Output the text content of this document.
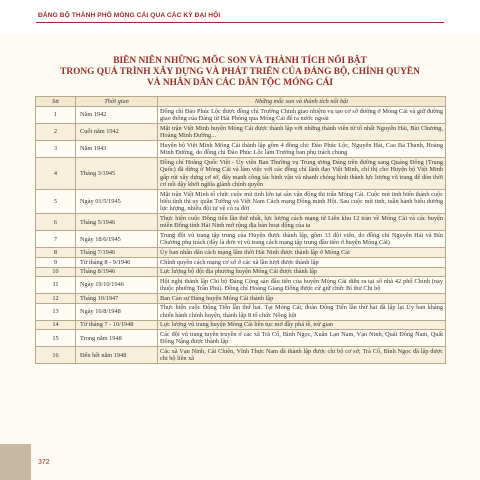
ĐẢNG BỘ THÀNH PHỐ MÓNG CÁI QUA CÁC KỲ ĐẠI HỘI
BIÊN NIÊN NHỮNG MỐC SON VÀ THÀNH TÍCH NỔI BẬT
TRONG QUÁ TRÌNH XÂY DỰNG VÀ PHÁT TRIỂN CỦA ĐẢNG BỘ, CHÍNH QUYỀN
VÀ NHÂN DÂN CÁC DÂN TỘC MÓNG CÁI
Stt	Thời gian	Những mốc son và thành tích nổi bật
1	Năm 1942	Đồng chí Đào Phúc Lộc được đồng chí Trường Chinh giao nhiệm vụ tạo cơ sở đường ở Móng Cái và giữ đường giao thông của Đảng từ Hải Phòng qua Móng Cái để ra nước ngoài
2	Cuối năm 1942	Mặt trận Việt Minh huyện Móng Cái được thành lập với những thành viên từ tổ nhất Nguyễn Hải, Bùi Chương, Hoàng Minh Đường...
3	Năm 1943	Huyện bộ Việt Minh Móng Cái thành lập gồm 4 đồng chí: Đào Phúc Lộc, Nguyễn Hải, Cao Bá Thanh, Hoàng Minh Đường, do đồng chí Đào Phúc Lộc làm Trưởng ban phụ trách chung
4	Tháng 3/1945	Đồng chí Hoàng Quốc Việt - Ủy viên Ban Thường vụ Trung ương Đảng trên đường sang Quảng Đông (Trung Quốc) đã dừng ở Móng Cái và làm việc với các đồng chí lãnh đạo Việt Minh, chỉ thị cho Huyện bộ Việt Minh gấp rút xây dựng cơ sở, đẩy mạnh công tác binh vận và nhanh chóng hình thành lực lượng vũ trang để đón thời cơ nổi dậy khởi nghĩa giành chính quyền
5	Ngày 01/5/1945	Mặt trận Việt Minh tổ chức cuộc mít tinh lớn tại sân vận động thị trấn Móng Cái. Cuộc mít tinh biến thành cuộc biểu tình thị uy quần Tưởng và Việt Nam Cách mạng Đồng minh Hội. Sau cuộc mít tinh, tuần hành biểu dương lực lượng, nhiều đội tự vệ có ra đời
6	Tháng 5/1946	Thực hiện cuộc Đông tiến lần thứ nhất, lực lượng cách mạng từ Liên khu 12 tràn về Móng Cái và các huyện miền Đông tỉnh Hải Ninh mở rộng địa bàn hoạt động của ta
7	Ngày 18/6/1945	Trung đội vũ trang tập trung của Huyện được thành lập, gồm 33 đội viên, do đồng chí Nguyễn Hải và Bùi Chương phụ trách (đây là đơn vị vũ trang cách mạng tập trung đầu tiên ở huyện Móng Cái)
8	Tháng 7/1946	Ủy ban nhân dân cách mạng lâm thời Hải Ninh được thành lập ở Móng Cái
9	Từ tháng 8 - 9/1946	Chính quyền cách mạng cơ sở ở các xã lần lượt được thành lập
10	Tháng 8/1946	Lực lượng bộ đội địa phương huyện Móng Cái được thành lập
11	Ngày 19/10/1946	Hội nghị thành lập Chi bộ Đảng Cộng sản đầu tiên của huyện Móng Cái diễn ra tại số nhà 42 phố Chính (nay thuộc phường Trần Phú). Đồng chí Hoàng Giang Đông được cử giữ chức Bí thư Chi bộ
12	Tháng 10/1947	Ban Cán sự Đảng huyện Móng Cái thành lập
13	Ngày 16/8/1948	Thực hiện cuộc Đông Tiến lần thứ hai. Tại Móng Cái, đoàn Đông Tiến lần thứ hai đã lập lại Ủy ban kháng chiến hành chính huyện, thành lập 8 tổ chức Nông hội
14	Từ tháng 7 - 10/1948	Lực lượng vũ trang huyện Móng Cái liên tục mở đầy phá tề, trừ gian
15	Trong năm 1948	Các đội vũ trang tuyên truyền ở các xã Trà Cổ, Bình Ngọc, Xuân Lạn Nam, Vạn Ninh, Quất Đông Nam, Quất Đông Nậng được thành lập
16	Đến hết năm 1948	Các xã Vạn Ninh, Cái Chiên, Vĩnh Thực Nam đã thành lập được chi bộ cơ sở; Trà Cổ, Bình Ngọc đã lập được chi bộ liên xã
372
